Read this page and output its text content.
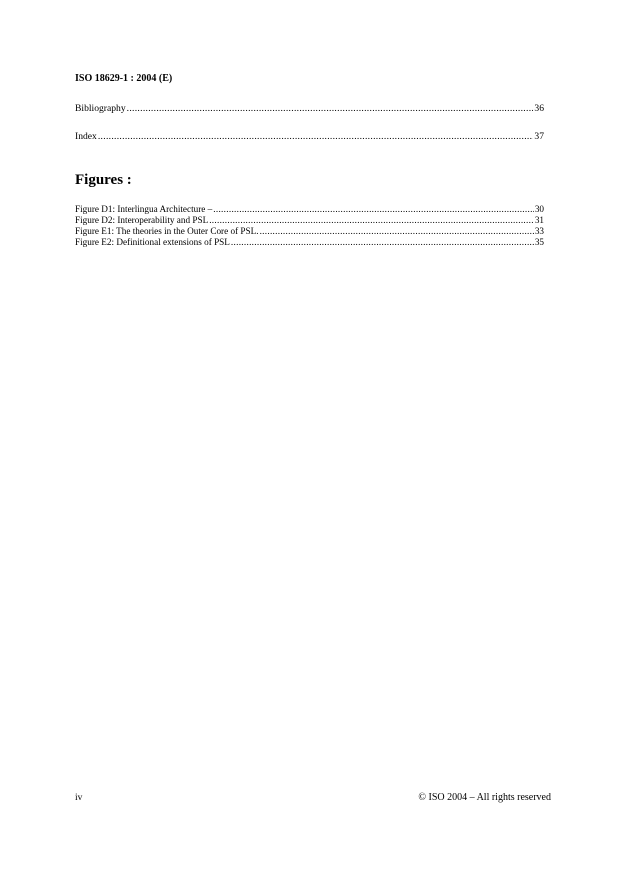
ISO 18629-1 : 2004 (E)
Bibliography .....	36
Index .....	37
Figures :
Figure D1: Interlingua Architecture – .....	30
Figure D2: Interoperability and PSL .....	31
Figure E1: The theories in the Outer Core of PSL. .....	33
Figure E2: Definitional extensions of PSL .....	35
iv	© ISO 2004 – All rights reserved
